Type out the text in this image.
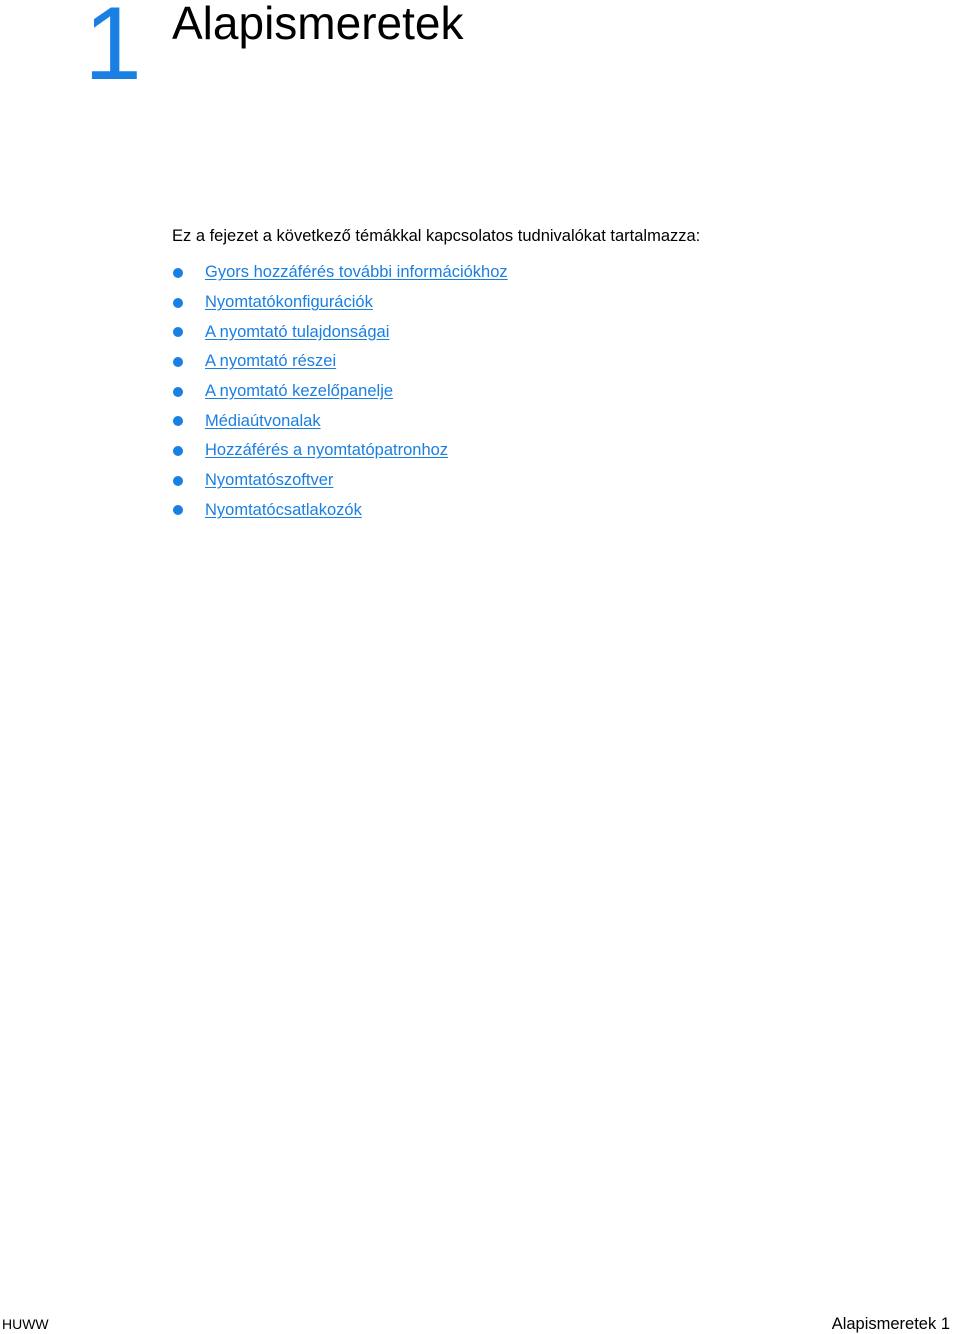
1 Alapismeretek

Ez a fejezet a következő témákkal kapcsolatos tudnivalókat tartalmazza:

Gyors hozzáférés további információkhoz
Nyomtatókonfigurációk
A nyomtató tulajdonságai
A nyomtató részei
A nyomtató kezelőpanelje
Médiaútvonalak
Hozzáférés a nyomtatópatronhoz
Nyomtatószoftver
Nyomtatócsatlakozók
HUWW	Alapismeretek 1
